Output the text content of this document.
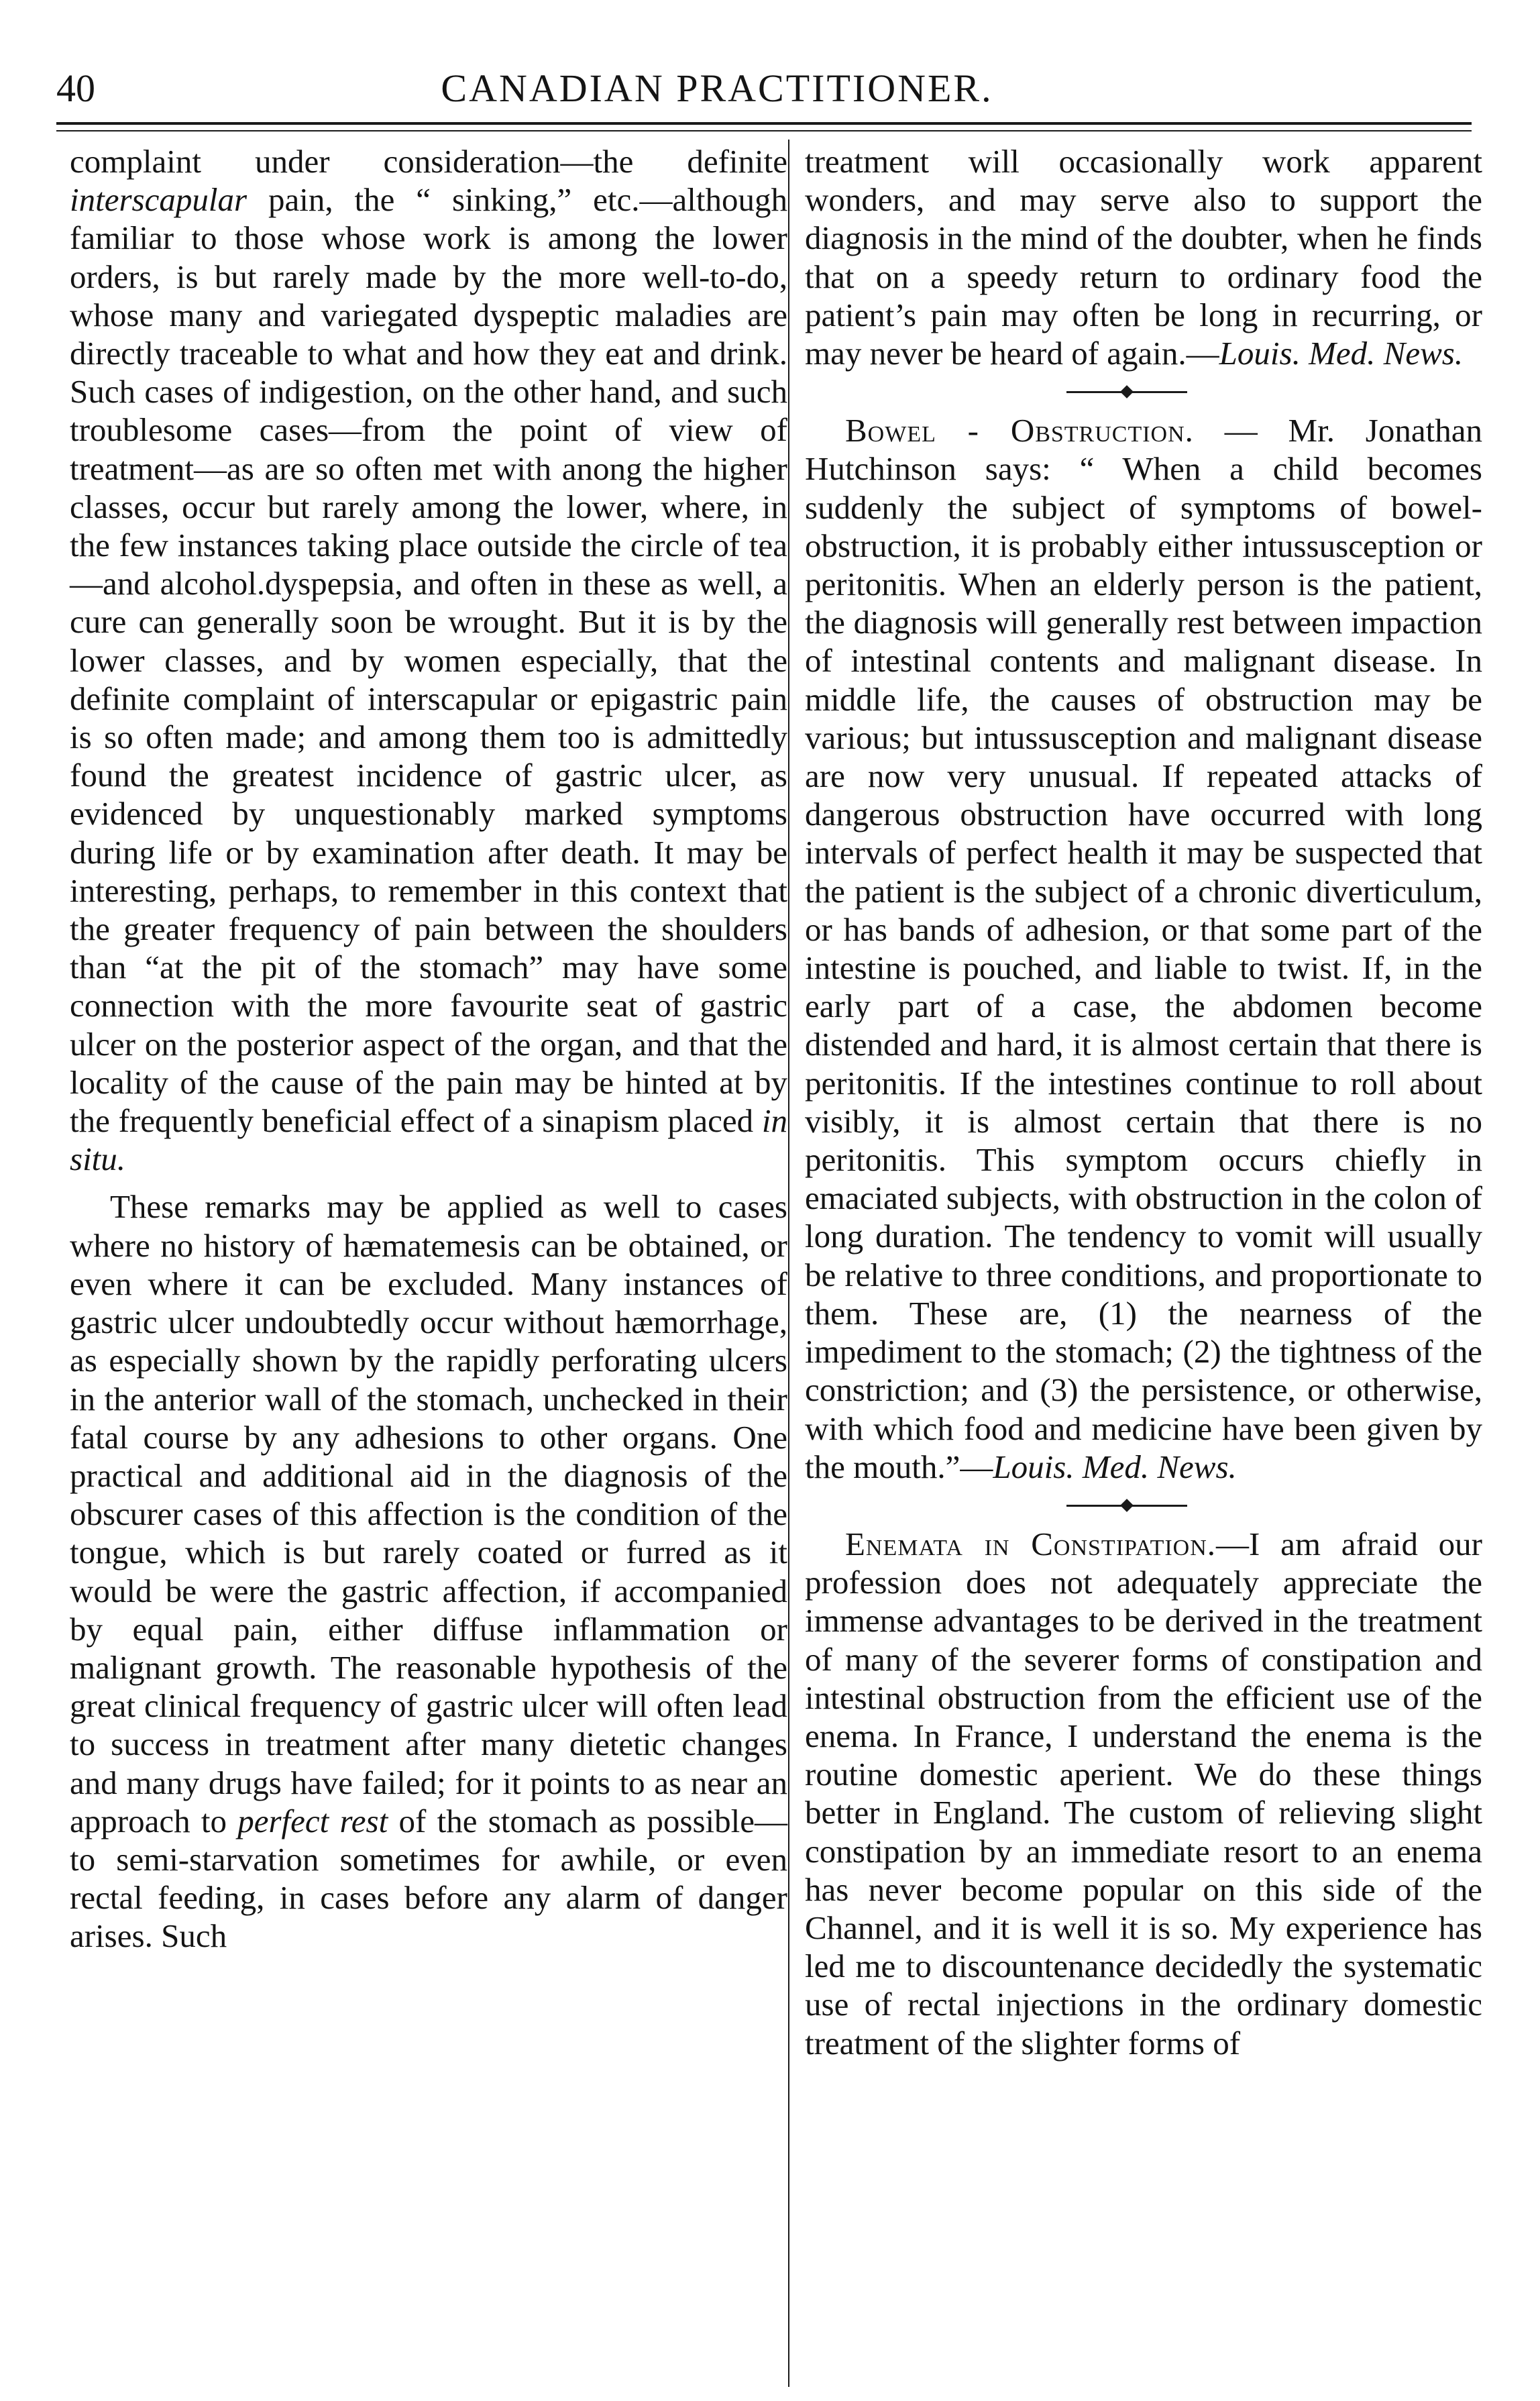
40	CANADIAN PRACTITIONER.

complaint under consideration—the definite interscapular pain, the “ sinking,” etc.—although familiar to those whose work is among the lower orders, is but rarely made by the more well-to-do, whose many and variegated dyspeptic maladies are directly traceable to what and how they eat and drink. Such cases of indigestion, on the other hand, and such troublesome cases—from the point of view of treatment—as are so often met with anong the higher classes, occur but rarely among the lower, where, in the few instances taking place outside the circle of tea—and alcohol.dyspepsia, and often in these as well, a cure can generally soon be wrought. But it is by the lower classes, and by women especially, that the definite complaint of interscapular or epigastric pain is so often made; and among them too is admittedly found the greatest incidence of gastric ulcer, as evidenced by unquestionably marked symptoms during life or by examination after death. It may be interesting, perhaps, to remember in this context that the greater frequency of pain between the shoulders than “at the pit of the stomach” may have some connection with the more favourite seat of gastric ulcer on the posterior aspect of the organ, and that the locality of the cause of the pain may be hinted at by the frequently beneficial effect of a sinapism placed in situ.

These remarks may be applied as well to cases where no history of hæmatemesis can be obtained, or even where it can be excluded. Many instances of gastric ulcer undoubtedly occur without hæmorrhage, as especially shown by the rapidly perforating ulcers in the anterior wall of the stomach, unchecked in their fatal course by any adhesions to other organs. One practical and additional aid in the diagnosis of the obscurer cases of this affection is the condition of the tongue, which is but rarely coated or furred as it would be were the gastric affection, if accompanied by equal pain, either diffuse inflammation or malignant growth. The reasonable hypothesis of the great clinical frequency of gastric ulcer will often lead to success in treatment after many dietetic changes and many drugs have failed; for it points to as near an approach to perfect rest of the stomach as possible—to semi-starvation sometimes for awhile, or even rectal feeding, in cases before any alarm of danger arises. Such

treatment will occasionally work apparent wonders, and may serve also to support the diagnosis in the mind of the doubter, when he finds that on a speedy return to ordinary food the patient’s pain may often be long in recurring, or may never be heard of again.—Louis. Med. News.

Bowel - Obstruction. — Mr. Jonathan Hutchinson says: “ When a child becomes suddenly the subject of symptoms of bowel-obstruction, it is probably either intussusception or peritonitis. When an elderly person is the patient, the diagnosis will generally rest between impaction of intestinal contents and malignant disease. In middle life, the causes of obstruction may be various; but intussusception and malignant disease are now very unusual. If repeated attacks of dangerous obstruction have occurred with long intervals of perfect health it may be suspected that the patient is the subject of a chronic diverticulum, or has bands of adhesion, or that some part of the intestine is pouched, and liable to twist. If, in the early part of a case, the abdomen become distended and hard, it is almost certain that there is peritonitis. If the intestines continue to roll about visibly, it is almost certain that there is no peritonitis. This symptom occurs chiefly in emaciated subjects, with obstruction in the colon of long duration. The tendency to vomit will usually be relative to three conditions, and proportionate to them. These are, (1) the nearness of the impediment to the stomach; (2) the tightness of the constriction; and (3) the persistence, or otherwise, with which food and medicine have been given by the mouth.”—Louis. Med. News.

Enemata in Constipation.—I am afraid our profession does not adequately appreciate the immense advantages to be derived in the treatment of many of the severer forms of constipation and intestinal obstruction from the efficient use of the enema. In France, I understand the enema is the routine domestic aperient. We do these things better in England. The custom of relieving slight constipation by an immediate resort to an enema has never become popular on this side of the Channel, and it is well it is so. My experience has led me to discountenance decidedly the systematic use of rectal injections in the ordinary domestic treatment of the slighter forms of
